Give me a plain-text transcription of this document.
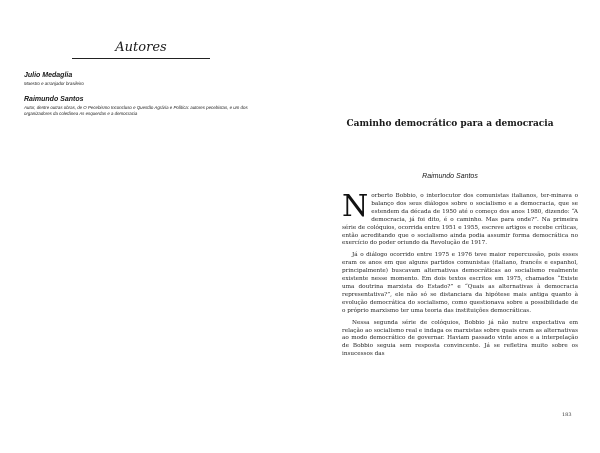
Autores
Julio Medaglia
Maestro e arranjador brasileiro
Raimundo Santos
Autor, dentre outras obras, de O Pecebismo Inconcluso e Questão Agrária e Política: autores pecebistas, e um dos organizadores da coletânea As esquerdas e a democracia
Caminho democrático para a democracia
Raimundo Santos

Norberto Bobbio, o interlocutor dos comunistas italianos, ter-minava o balanço dos seus diálogos sobre o socialismo e a democracia, que se estendem da década de 1950 até o começo dos anos 1980, dizendo: “A democracia, já foi dito, é o caminho. Mas para onde?”. Na primeira série de colóquios, ocorrida entre 1951 e 1955, escreve artigos e recebe críticas, então acreditando que o socialismo ainda podia assumir forma democrática no exercício do poder oriundo da Revolução de 1917.

Já o diálogo ocorrido entre 1975 e 1976 teve maior repercussão, pois esses eram os anos em que alguns partidos comunistas (italiano, francês e espanhol, principalmente) buscavam alternativas democráticas ao socialismo realmente existente nesse momento. Em dois textos escritos em 1975, chamados “Existe uma doutrina marxista do Estado?” e “Quais as alternativas à democracia representativa?”, ele não só se distanciara da hipótese mais antiga quanto à evolução democrática do socialismo, como questionava sobre a possibilidade de o próprio marxismo ter uma teoria das instituições democráticas.

Nessa segunda série de colóquios, Bobbio já não nutre expectativa em relação ao socialismo real e indaga os marxistas sobre quais eram as alternativas ao modo democrático de governar. Haviam passado vinte anos e a interpelação de Bobbio seguia sem resposta convincente. Já se refletira muito sobre os insucessos das

183
